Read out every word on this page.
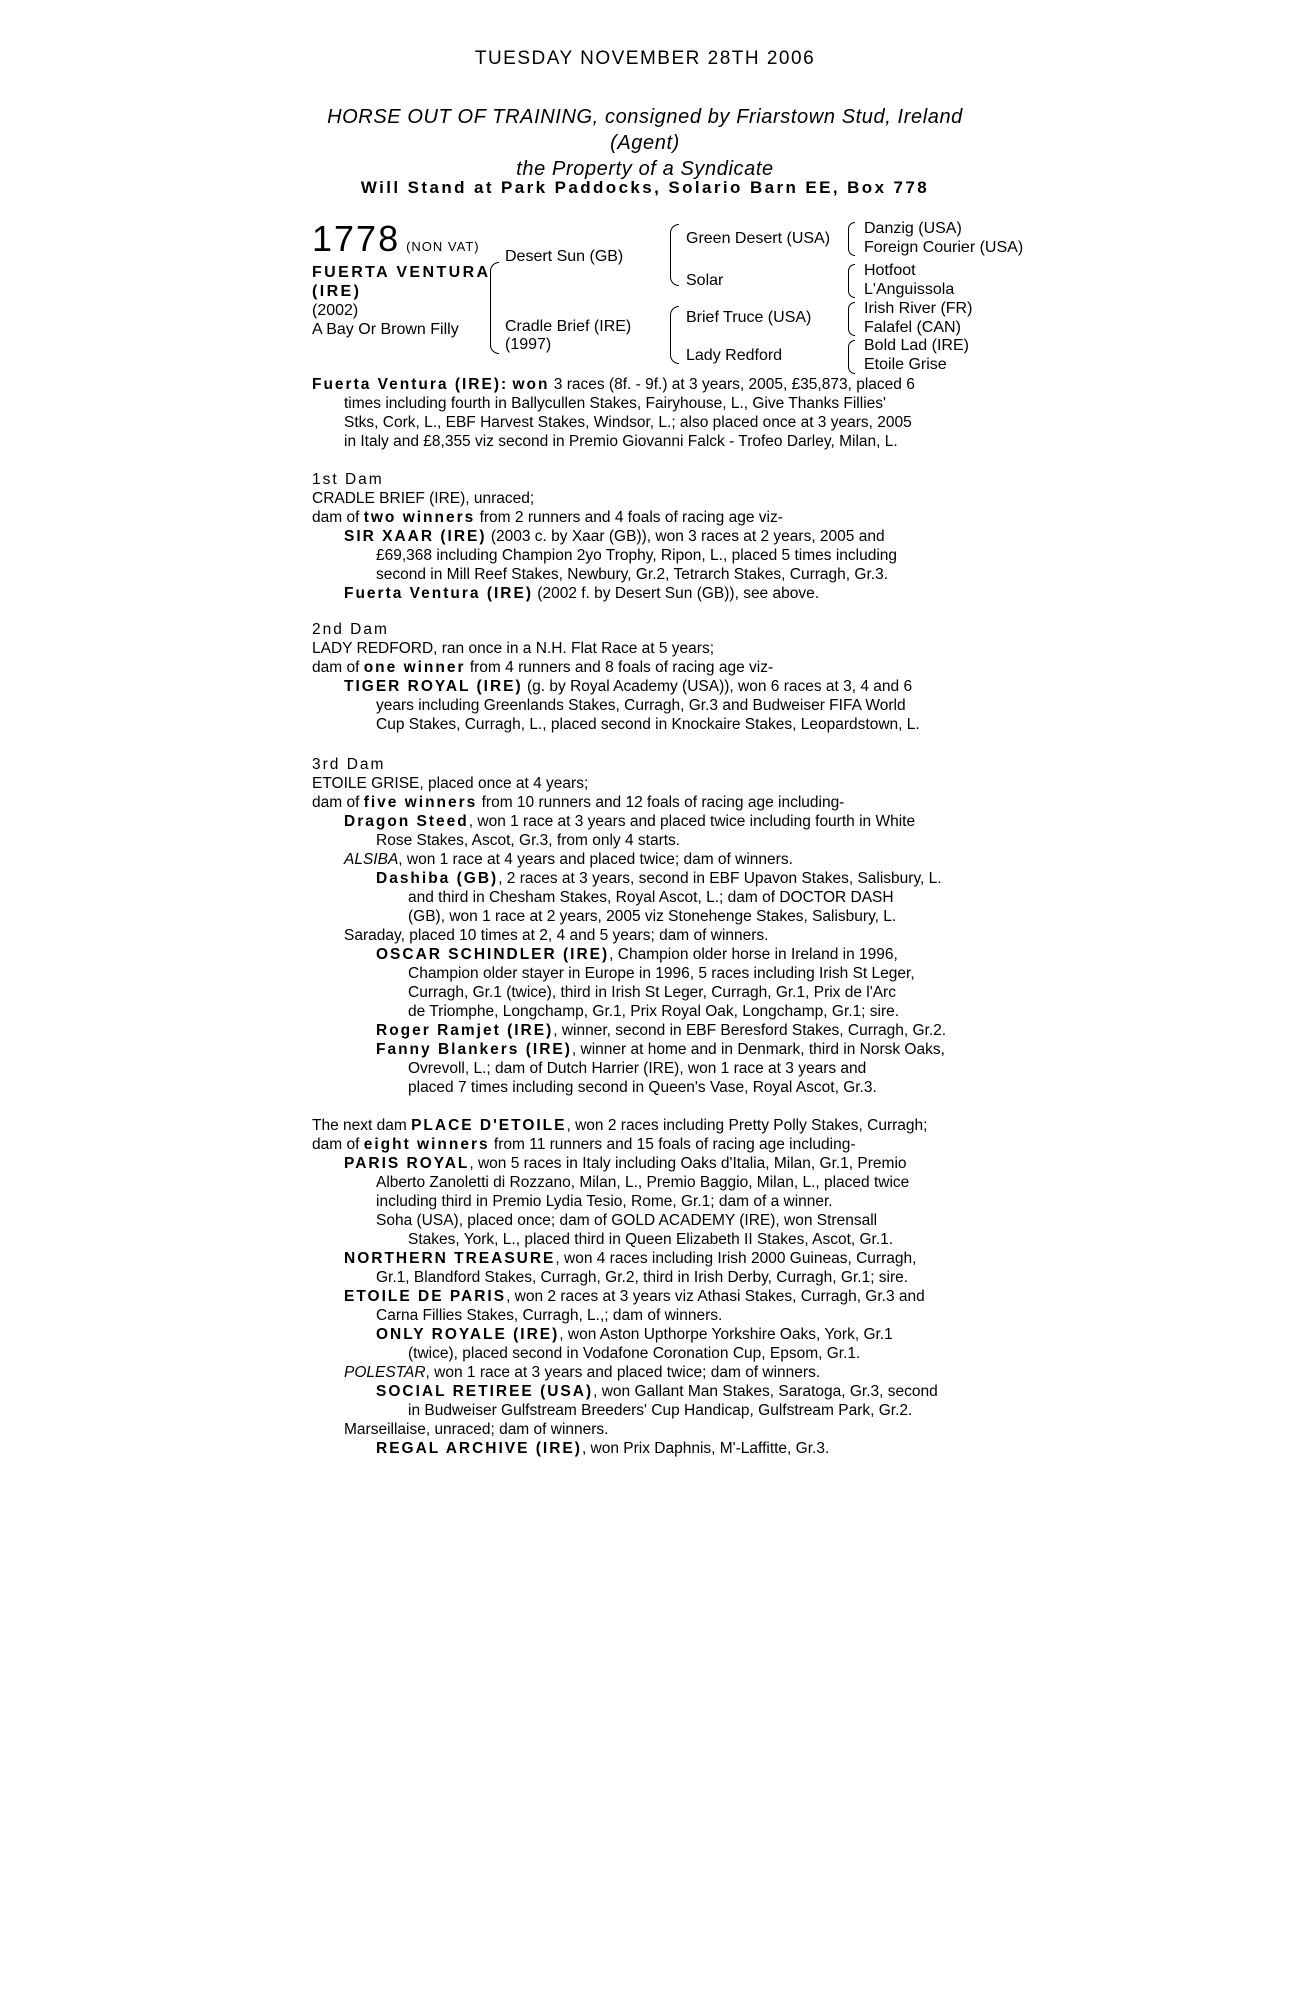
TUESDAY NOVEMBER 28TH 2006
HORSE OUT OF TRAINING, consigned by Friarstown Stud, Ireland
(Agent)
the Property of a Syndicate
Will Stand at Park Paddocks, Solario Barn EE, Box 778
1778 (NON VAT)
FUERTA VENTURA
(IRE)
(2002)
A Bay Or Brown Filly
Desert Sun (GB)
Cradle Brief (IRE)
(1997)
Green Desert (USA)
Solar
Brief Truce (USA)
Lady Redford
Danzig (USA)
Foreign Courier (USA)
Hotfoot
L'Anguissola
Irish River (FR)
Falafel (CAN)
Bold Lad (IRE)
Etoile Grise

Fuerta Ventura (IRE): won 3 races (8f. - 9f.) at 3 years, 2005, £35,873, placed 6

times including fourth in Ballycullen Stakes, Fairyhouse, L., Give Thanks Fillies'

Stks, Cork, L., EBF Harvest Stakes, Windsor, L.; also placed once at 3 years, 2005

in Italy and £8,355 viz second in Premio Giovanni Falck - Trofeo Darley, Milan, L.

1st Dam

CRADLE BRIEF (IRE), unraced;

dam of two winners from 2 runners and 4 foals of racing age viz-

SIR XAAR (IRE) (2003 c. by Xaar (GB)), won 3 races at 2 years, 2005 and

£69,368 including Champion 2yo Trophy, Ripon, L., placed 5 times including

second in Mill Reef Stakes, Newbury, Gr.2, Tetrarch Stakes, Curragh, Gr.3.

Fuerta Ventura (IRE) (2002 f. by Desert Sun (GB)), see above.

2nd Dam

LADY REDFORD, ran once in a N.H. Flat Race at 5 years;

dam of one winner from 4 runners and 8 foals of racing age viz-

TIGER ROYAL (IRE) (g. by Royal Academy (USA)), won 6 races at 3, 4 and 6

years including Greenlands Stakes, Curragh, Gr.3 and Budweiser FIFA World

Cup Stakes, Curragh, L., placed second in Knockaire Stakes, Leopardstown, L.

3rd Dam

ETOILE GRISE, placed once at 4 years;

dam of five winners from 10 runners and 12 foals of racing age including-

Dragon Steed, won 1 race at 3 years and placed twice including fourth in White

Rose Stakes, Ascot, Gr.3, from only 4 starts.

ALSIBA, won 1 race at 4 years and placed twice; dam of winners.

Dashiba (GB), 2 races at 3 years, second in EBF Upavon Stakes, Salisbury, L.

and third in Chesham Stakes, Royal Ascot, L.; dam of DOCTOR DASH

(GB), won 1 race at 2 years, 2005 viz Stonehenge Stakes, Salisbury, L.

Saraday, placed 10 times at 2, 4 and 5 years; dam of winners.

OSCAR SCHINDLER (IRE), Champion older horse in Ireland in 1996,

Champion older stayer in Europe in 1996, 5 races including Irish St Leger,

Curragh, Gr.1 (twice), third in Irish St Leger, Curragh, Gr.1, Prix de l'Arc

de Triomphe, Longchamp, Gr.1, Prix Royal Oak, Longchamp, Gr.1; sire.

Roger Ramjet (IRE), winner, second in EBF Beresford Stakes, Curragh, Gr.2.

Fanny Blankers (IRE), winner at home and in Denmark, third in Norsk Oaks,

Ovrevoll, L.; dam of Dutch Harrier (IRE), won 1 race at 3 years and

placed 7 times including second in Queen's Vase, Royal Ascot, Gr.3.

The next dam PLACE D'ETOILE, won 2 races including Pretty Polly Stakes, Curragh;

dam of eight winners from 11 runners and 15 foals of racing age including-

PARIS ROYAL, won 5 races in Italy including Oaks d'Italia, Milan, Gr.1, Premio

Alberto Zanoletti di Rozzano, Milan, L., Premio Baggio, Milan, L., placed twice

including third in Premio Lydia Tesio, Rome, Gr.1; dam of a winner.

Soha (USA), placed once; dam of GOLD ACADEMY (IRE), won Strensall

Stakes, York, L., placed third in Queen Elizabeth II Stakes, Ascot, Gr.1.

NORTHERN TREASURE, won 4 races including Irish 2000 Guineas, Curragh,

Gr.1, Blandford Stakes, Curragh, Gr.2, third in Irish Derby, Curragh, Gr.1; sire.

ETOILE DE PARIS, won 2 races at 3 years viz Athasi Stakes, Curragh, Gr.3 and

Carna Fillies Stakes, Curragh, L.,; dam of winners.

ONLY ROYALE (IRE), won Aston Upthorpe Yorkshire Oaks, York, Gr.1

(twice), placed second in Vodafone Coronation Cup, Epsom, Gr.1.

POLESTAR, won 1 race at 3 years and placed twice; dam of winners.

SOCIAL RETIREE (USA), won Gallant Man Stakes, Saratoga, Gr.3, second

in Budweiser Gulfstream Breeders' Cup Handicap, Gulfstream Park, Gr.2.

Marseillaise, unraced; dam of winners.

REGAL ARCHIVE (IRE), won Prix Daphnis, M'-Laffitte, Gr.3.
